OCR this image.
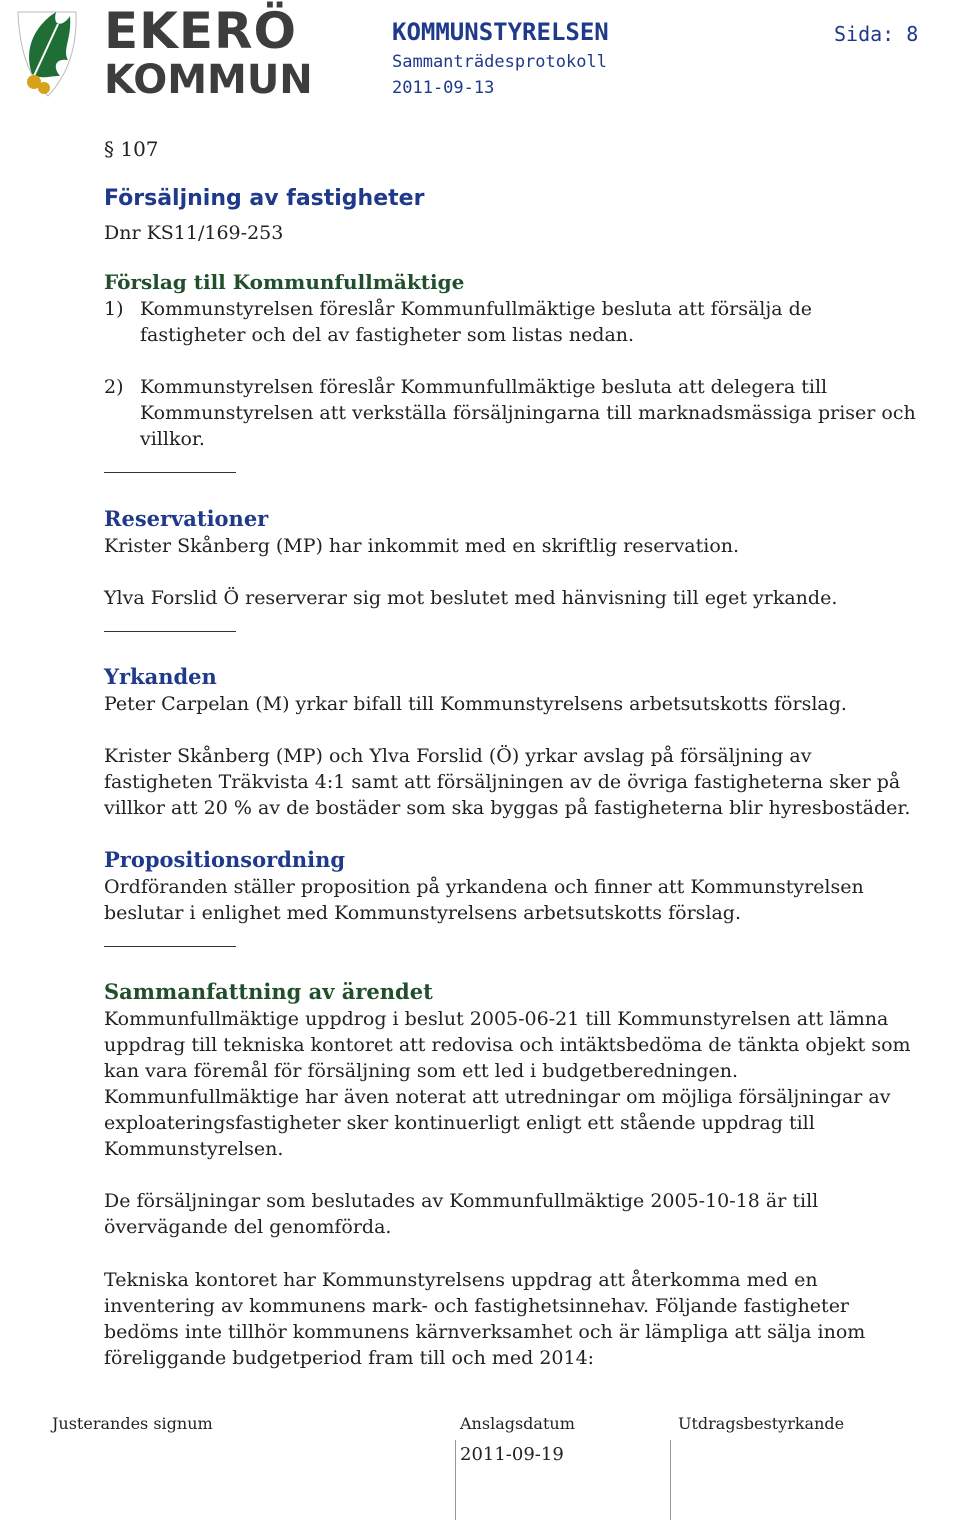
EKERÖ
KOMMUN
KOMMUNSTYRELSEN
Sammanträdesprotokoll
2011-09-13
Sida: 8
§ 107
Försäljning av fastigheter
Dnr KS11/169-253
Förslag till Kommunfullmäktige
1) Kommunstyrelsen föreslår Kommunfullmäktige besluta att försälja de
fastigheter och del av fastigheter som listas nedan.
2) Kommunstyrelsen föreslår Kommunfullmäktige besluta att delegera till
Kommunstyrelsen att verkställa försäljningarna till marknadsmässiga priser och
villkor.
Reservationer
Krister Skånberg (MP) har inkommit med en skriftlig reservation.
Ylva Forslid Ö reserverar sig mot beslutet med hänvisning till eget yrkande.
Yrkanden
Peter Carpelan (M) yrkar bifall till Kommunstyrelsens arbetsutskotts förslag.
Krister Skånberg (MP) och Ylva Forslid (Ö) yrkar avslag på försäljning av
fastigheten Träkvista 4:1 samt att försäljningen av de övriga fastigheterna sker på
villkor att 20 % av de bostäder som ska byggas på fastigheterna blir hyresbostäder.
Propositionsordning
Ordföranden ställer proposition på yrkandena och finner att Kommunstyrelsen
beslutar i enlighet med Kommunstyrelsens arbetsutskotts förslag.
Sammanfattning av ärendet
Kommunfullmäktige uppdrog i beslut 2005-06-21 till Kommunstyrelsen att lämna
uppdrag till tekniska kontoret att redovisa och intäktsbedöma de tänkta objekt som
kan vara föremål för försäljning som ett led i budgetberedningen.
Kommunfullmäktige har även noterat att utredningar om möjliga försäljningar av
exploateringsfastigheter sker kontinuerligt enligt ett stående uppdrag till
Kommunstyrelsen.
De försäljningar som beslutades av Kommunfullmäktige 2005-10-18 är till
övervägande del genomförda.
Tekniska kontoret har Kommunstyrelsens uppdrag att återkomma med en
inventering av kommunens mark- och fastighetsinnehav. Följande fastigheter
bedöms inte tillhör kommunens kärnverksamhet och är lämpliga att sälja inom
föreliggande budgetperiod fram till och med 2014:
Justerandes signum	Anslagsdatum	Utdragsbestyrkande
2011-09-19
